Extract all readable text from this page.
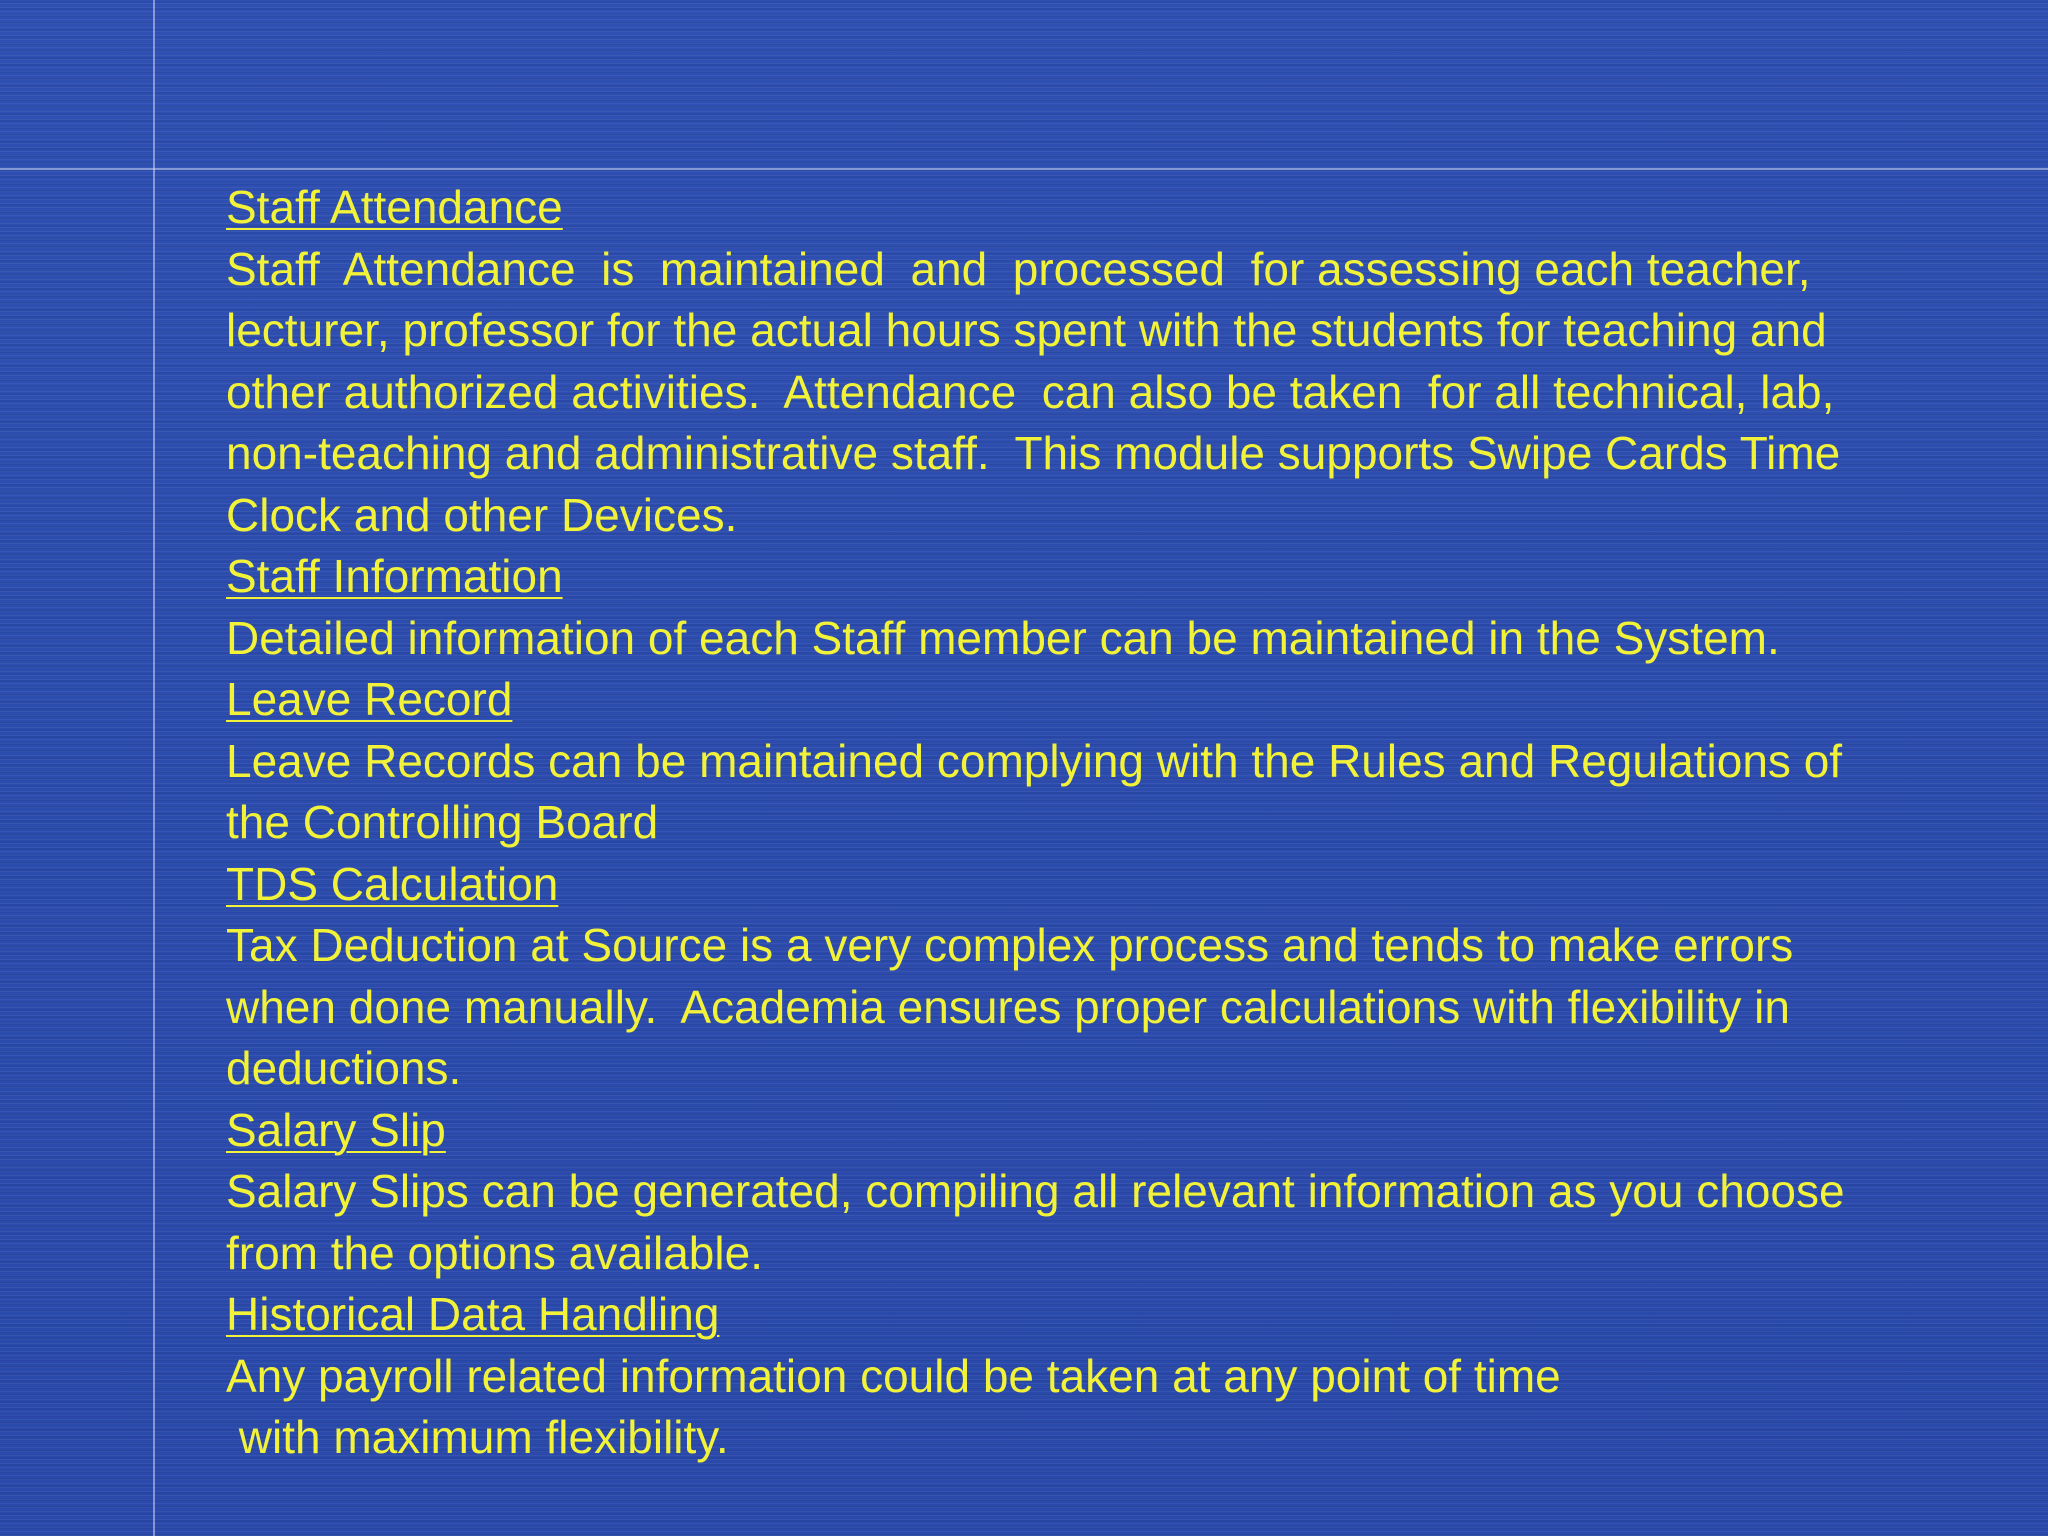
Staff Attendance
Staff  Attendance  is  maintained  and  processed  for assessing each teacher,
lecturer, professor for the actual hours spent with the students for teaching and
other authorized activities.  Attendance  can also be taken  for all technical, lab,
non-teaching and administrative staff.  This module supports Swipe Cards Time
Clock and other Devices.
Staff Information
Detailed information of each Staff member can be maintained in the System.
Leave Record
Leave Records can be maintained complying with the Rules and Regulations of
the Controlling Board
TDS Calculation
Tax Deduction at Source is a very complex process and tends to make errors
when done manually.  Academia ensures proper calculations with flexibility in
deductions.
Salary Slip
Salary Slips can be generated, compiling all relevant information as you choose
from the options available.
Historical Data Handling
Any payroll related information could be taken at any point of time
with maximum flexibility.
